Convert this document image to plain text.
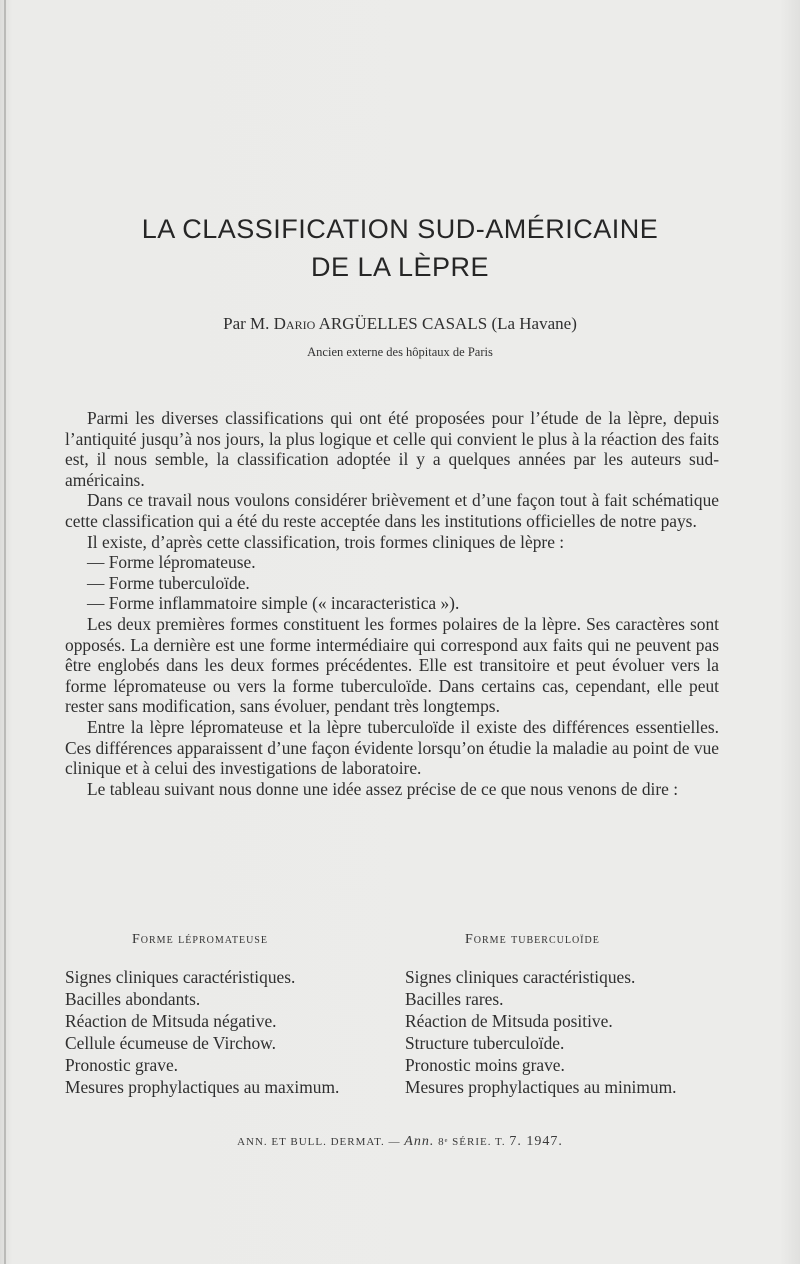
LA CLASSIFICATION SUD-AMÉRICAINE
DE LA LÈPRE
Par M. Dario ARGÜELLES CASALS (La Havane)
Ancien externe des hôpitaux de Paris

Parmi les diverses classifications qui ont été proposées pour l’étude de la lèpre, depuis l’antiquité jusqu’à nos jours, la plus logique et celle qui convient le plus à la réaction des faits est, il nous semble, la classification adoptée il y a quelques années par les auteurs sud-américains.

Dans ce travail nous voulons considérer brièvement et d’une façon tout à fait schématique cette classification qui a été du reste acceptée dans les institutions officielles de notre pays.

Il existe, d’après cette classification, trois formes cliniques de lèpre :

— Forme lépromateuse.

— Forme tuberculoïde.

— Forme inflammatoire simple (« incaracteristica »).

Les deux premières formes constituent les formes polaires de la lèpre. Ses caractères sont opposés. La dernière est une forme intermédiaire qui correspond aux faits qui ne peuvent pas être englobés dans les deux formes précédentes. Elle est transitoire et peut évoluer vers la forme lépromateuse ou vers la forme tuberculoïde. Dans certains cas, cependant, elle peut rester sans modification, sans évoluer, pendant très longtemps.

Entre la lèpre lépromateuse et la lèpre tuberculoïde il existe des différences essentielles. Ces différences apparaissent d’une façon évidente lorsqu’on étudie la maladie au point de vue clinique et à celui des investigations de laboratoire.

Le tableau suivant nous donne une idée assez précise de ce que nous venons de dire :

Forme lépromateuse
Signes cliniques caractéristiques.
Bacilles abondants.
Réaction de Mitsuda négative.
Cellule écumeuse de Virchow.
Pronostic grave.
Mesures prophylactiques au maximum.
Forme tuberculoïde
Signes cliniques caractéristiques.
Bacilles rares.
Réaction de Mitsuda positive.
Structure tuberculoïde.
Pronostic moins grave.
Mesures prophylactiques au minimum.
ANN. ET BULL. DERMAT. — Ann. 8ᵉ SÉRIE. T. 7. 1947.
